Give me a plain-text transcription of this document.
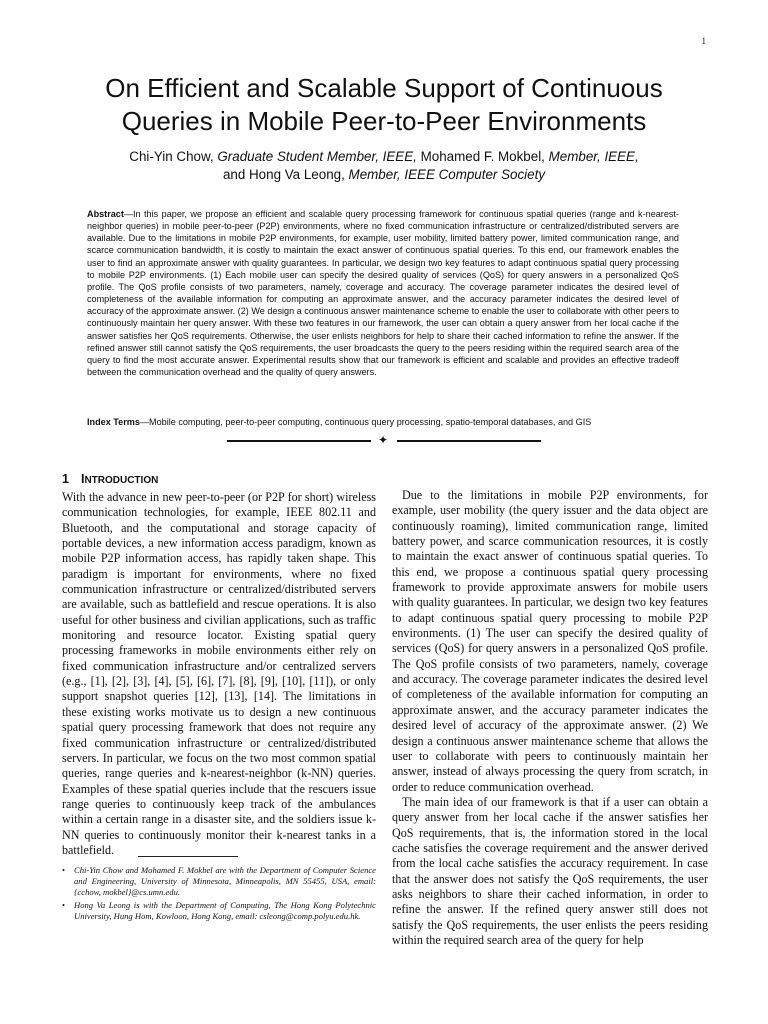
1
On Efficient and Scalable Support of Continuous
Queries in Mobile Peer-to-Peer Environments
Chi-Yin Chow, Graduate Student Member, IEEE, Mohamed F. Mokbel, Member, IEEE,
and Hong Va Leong, Member, IEEE Computer Society
Abstract—In this paper, we propose an efficient and scalable query processing framework for continuous spatial queries (range and k-nearest-neighbor queries) in mobile peer-to-peer (P2P) environments, where no fixed communication infrastructure or centralized/distributed servers are available. Due to the limitations in mobile P2P environments, for example, user mobility, limited battery power, limited communication range, and scarce communication bandwidth, it is costly to maintain the exact answer of continuous spatial queries. To this end, our framework enables the user to find an approximate answer with quality guarantees. In particular, we design two key features to adapt continuous spatial query processing to mobile P2P environments. (1) Each mobile user can specify the desired quality of services (QoS) for query answers in a personalized QoS profile. The QoS profile consists of two parameters, namely, coverage and accuracy. The coverage parameter indicates the desired level of completeness of the available information for computing an approximate answer, and the accuracy parameter indicates the desired level of accuracy of the approximate answer. (2) We design a continuous answer maintenance scheme to enable the user to collaborate with other peers to continuously maintain her query answer. With these two features in our framework, the user can obtain a query answer from her local cache if the answer satisfies her QoS requirements. Otherwise, the user enlists neighbors for help to share their cached information to refine the answer. If the refined answer still cannot satisfy the QoS requirements, the user broadcasts the query to the peers residing within the required search area of the query to find the most accurate answer. Experimental results show that our framework is efficient and scalable and provides an effective tradeoff between the communication overhead and the quality of query answers.
Index Terms—Mobile computing, peer-to-peer computing, continuous query processing, spatio-temporal databases, and GIS
✦
1 INTRODUCTION

With the advance in new peer-to-peer (or P2P for short) wireless communication technologies, for example, IEEE 802.11 and Bluetooth, and the computational and storage capacity of portable devices, a new information access paradigm, known as mobile P2P information access, has rapidly taken shape. This paradigm is important for environments, where no fixed communication infrastructure or centralized/distributed servers are available, such as battlefield and rescue operations. It is also useful for other business and civilian applications, such as traffic monitoring and resource locator. Existing spatial query processing frameworks in mobile environments either rely on fixed communication infrastructure and/or centralized servers (e.g., [1], [2], [3], [4], [5], [6], [7], [8], [9], [10], [11]), or only support snapshot queries [12], [13], [14]. The limitations in these existing works motivate us to design a new continuous spatial query processing framework that does not require any fixed communication infrastructure or centralized/distributed servers. In particular, we focus on the two most common spatial queries, range queries and k-nearest-neighbor (k-NN) queries. Examples of these spatial queries include that the rescuers issue range queries to continuously keep track of the ambulances within a certain range in a disaster site, and the soldiers issue k-NN queries to continuously monitor their k-nearest tanks in a battlefield.

• Chi-Yin Chow and Mohamed F. Mokbel are with the Department of Computer Science and Engineering, University of Minnesota, Minneapolis, MN 55455, USA, email: {cchow, mokbel}@cs.umn.edu.
• Hong Va Leong is with the Department of Computing, The Hong Kong Polytechnic University, Hung Hom, Kowloon, Hong Kong, email: csleong@comp.polyu.edu.hk.

Due to the limitations in mobile P2P environments, for example, user mobility (the query issuer and the data object are continuously roaming), limited communication range, limited battery power, and scarce communication resources, it is costly to maintain the exact answer of continuous spatial queries. To this end, we propose a continuous spatial query processing framework to provide approximate answers for mobile users with quality guarantees. In particular, we design two key features to adapt continuous spatial query processing to mobile P2P environments. (1) The user can specify the desired quality of services (QoS) for query answers in a personalized QoS profile. The QoS profile consists of two parameters, namely, coverage and accuracy. The coverage parameter indicates the desired level of completeness of the available information for computing an approximate answer, and the accuracy parameter indicates the desired level of accuracy of the approximate answer. (2) We design a continuous answer maintenance scheme that allows the user to collaborate with peers to continuously maintain her answer, instead of always processing the query from scratch, in order to reduce communication overhead.

The main idea of our framework is that if a user can obtain a query answer from her local cache if the answer satisfies her QoS requirements, that is, the information stored in the local cache satisfies the coverage requirement and the answer derived from the local cache satisfies the accuracy requirement. In case that the answer does not satisfy the QoS requirements, the user asks neighbors to share their cached information, in order to refine the answer. If the refined query answer still does not satisfy the QoS requirements, the user enlists the peers residing within the required search area of the query for help
